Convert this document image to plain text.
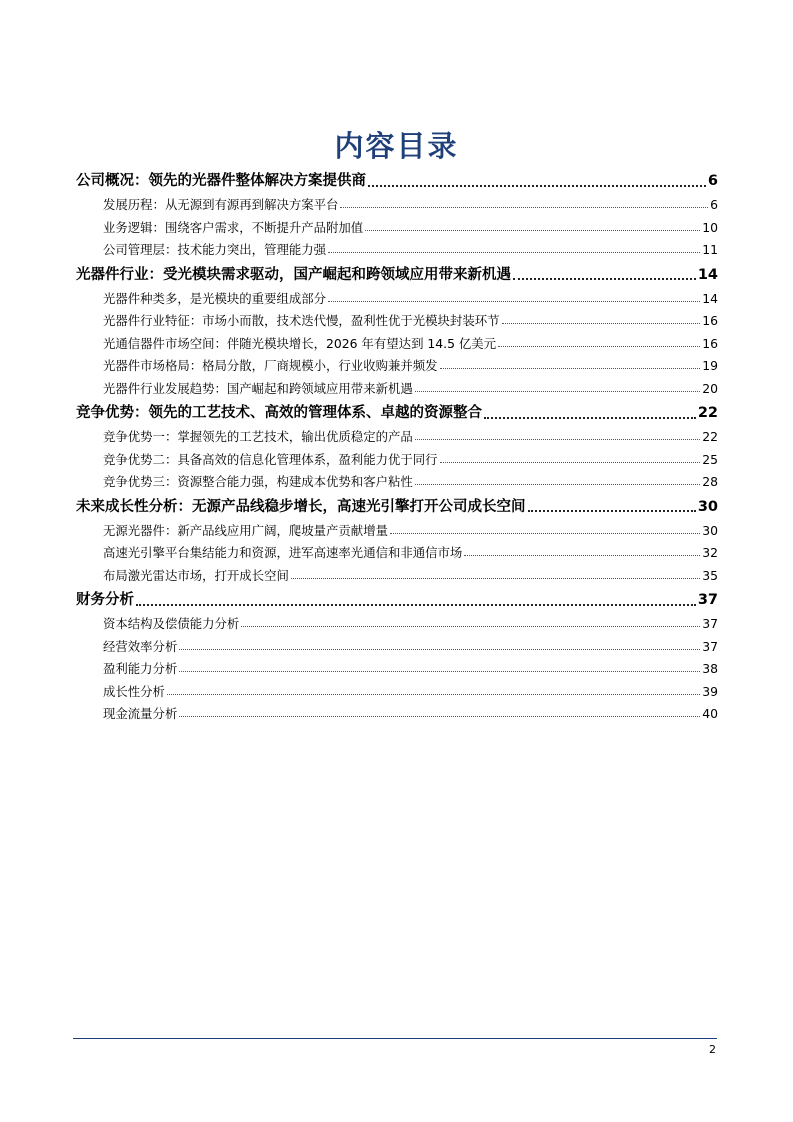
内容目录
公司概况：领先的光器件整体解决方案提供商	6
发展历程：从无源到有源再到解决方案平台	6
业务逻辑：围绕客户需求，不断提升产品附加值	10
公司管理层：技术能力突出，管理能力强	11
光器件行业：受光模块需求驱动，国产崛起和跨领域应用带来新机遇	14
光器件种类多，是光模块的重要组成部分	14
光器件行业特征：市场小而散，技术迭代慢，盈利性优于光模块封装环节	16
光通信器件市场空间：伴随光模块增长，2026 年有望达到 14.5 亿美元	16
光器件市场格局：格局分散，厂商规模小，行业收购兼并频发	19
光器件行业发展趋势：国产崛起和跨领域应用带来新机遇	20
竞争优势：领先的工艺技术、高效的管理体系、卓越的资源整合	22
竞争优势一：掌握领先的工艺技术，输出优质稳定的产品	22
竞争优势二：具备高效的信息化管理体系，盈利能力优于同行	25
竞争优势三：资源整合能力强，构建成本优势和客户粘性	28
未来成长性分析：无源产品线稳步增长，高速光引擎打开公司成长空间	30
无源光器件：新产品线应用广阔，爬坡量产贡献增量	30
高速光引擎平台集结能力和资源，进军高速率光通信和非通信市场	32
布局激光雷达市场，打开成长空间	35
财务分析	37
资本结构及偿债能力分析	37
经营效率分析	37
盈利能力分析	38
成长性分析	39
现金流量分析	40
2
